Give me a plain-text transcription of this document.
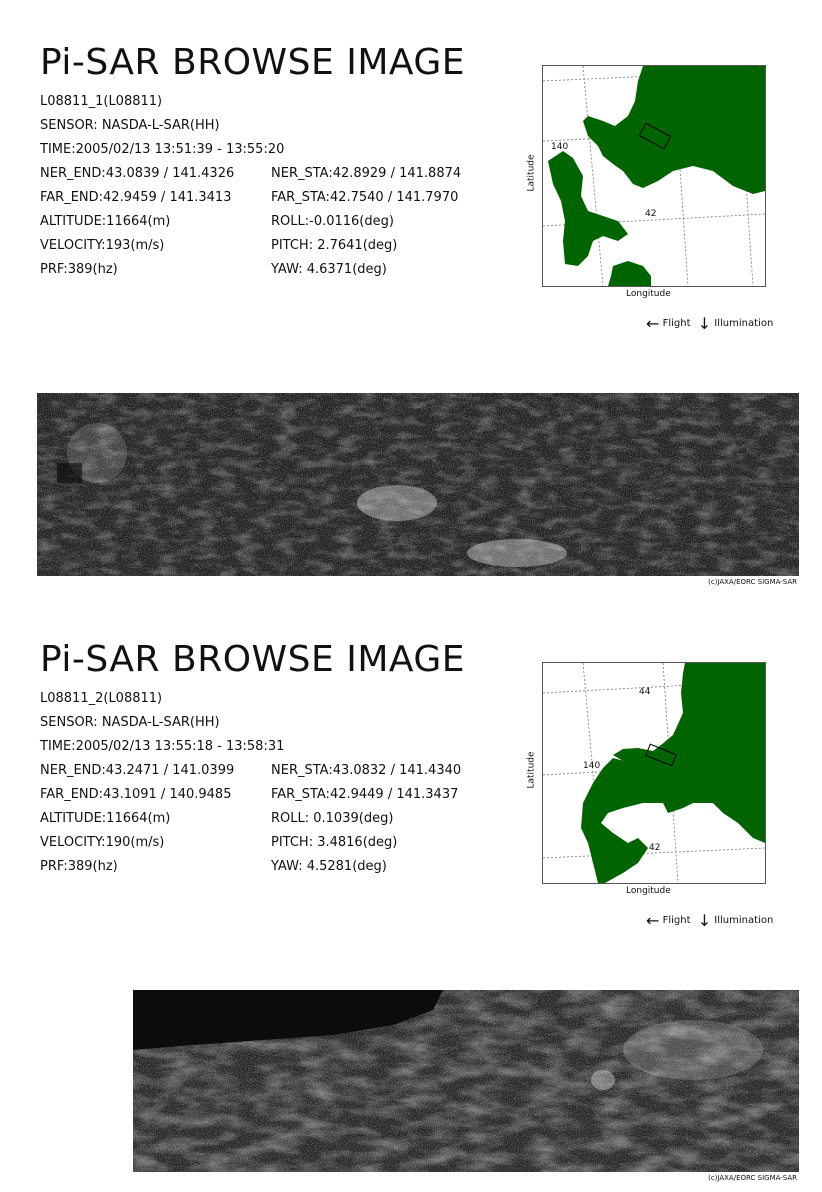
Pi-SAR BROWSE IMAGE
L08811_1(L08811)
SENSOR: NASDA-L-SAR(HH)
TIME:2005/02/13 13:51:39 - 13:55:20
NER_END:43.0839 / 141.4326	NER_STA:42.8929 / 141.8874
FAR_END:42.9459 / 141.3413	FAR_STA:42.7540 / 141.7970
ALTITUDE:11664(m)	ROLL:-0.0116(deg)
VELOCITY:193(m/s)	PITCH: 2.7641(deg)
PRF:389(hz)	YAW: 4.6371(deg)
140
42
Latitude
Longitude
← Flight ↓ Illumination
(c)JAXA/EORC SIGMA-SAR
Pi-SAR BROWSE IMAGE
L08811_2(L08811)
SENSOR: NASDA-L-SAR(HH)
TIME:2005/02/13 13:55:18 - 13:58:31
NER_END:43.2471 / 141.0399	NER_STA:43.0832 / 141.4340
FAR_END:43.1091 / 140.9485	FAR_STA:42.9449 / 141.3437
ALTITUDE:11664(m)	ROLL: 0.1039(deg)
VELOCITY:190(m/s)	PITCH: 3.4816(deg)
PRF:389(hz)	YAW: 4.5281(deg)
44
140
42
Latitude
Longitude
← Flight ↓ Illumination
(c)JAXA/EORC SIGMA-SAR
